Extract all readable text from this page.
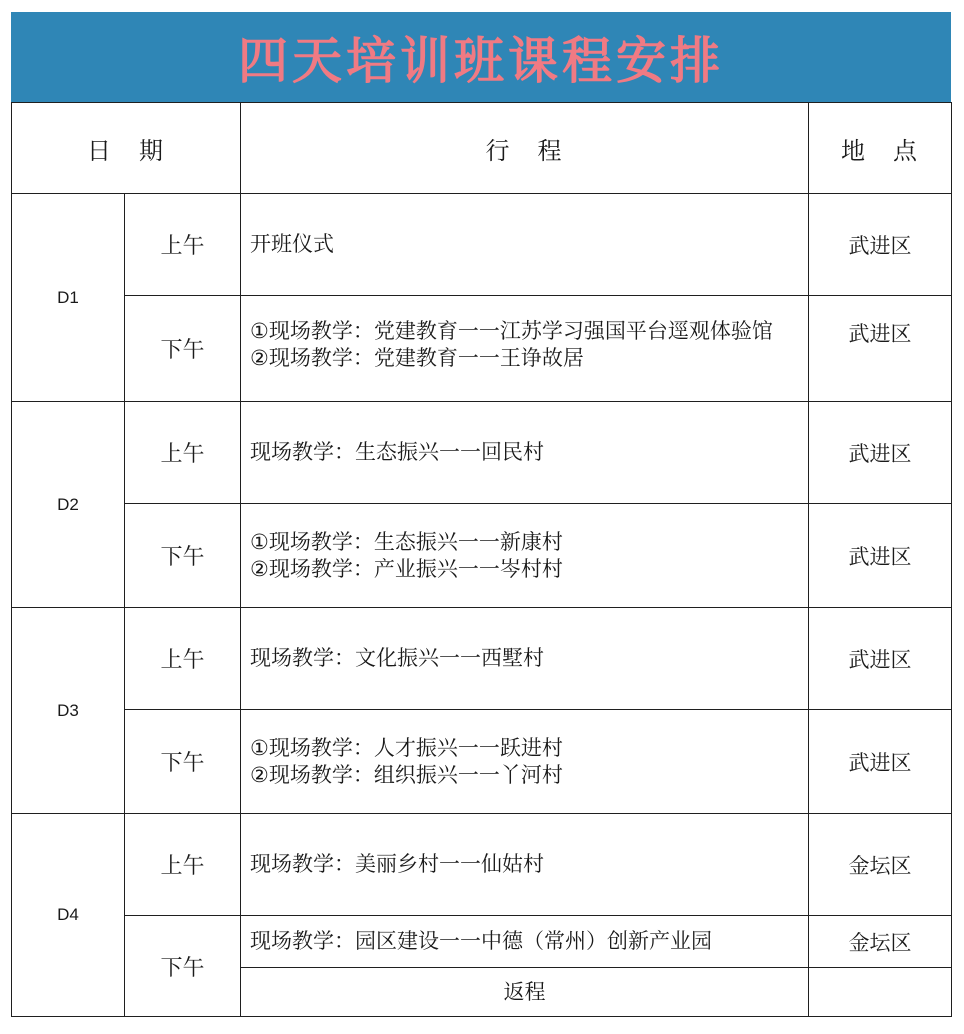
四天培训班课程安排
日　期		行　程	地　点
D1	上午	开班仪式	武进区
	下午	①现场教学：党建教育一一江苏学习强国平台逕观体验馆
②现场教学：党建教育一一王诤故居	武进区
D2	上午	现场教学：生态振兴一一回民村	武进区
	下午	①现场教学：生态振兴一一新康村
②现场教学：产业振兴一一岑村村	武进区
D3	上午	现场教学：文化振兴一一西墅村	武进区
	下午	①现场教学：人才振兴一一跃进村
②现场教学：组织振兴一一丫河村	武进区
D4	上午	现场教学：美丽乡村一一仙姑村	金坛区
	下午	现场教学：园区建设一一中德（常州）创新产业园	金坛区

		返程	
